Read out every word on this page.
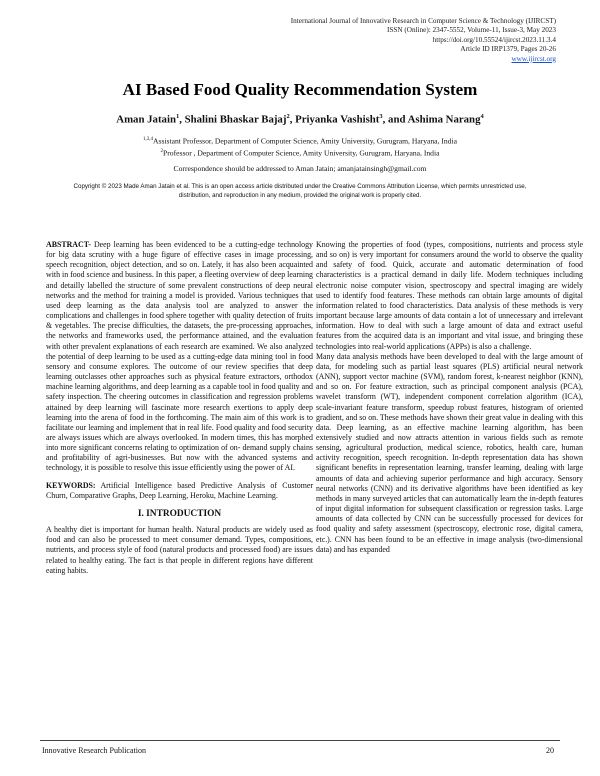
International Journal of Innovative Research in Computer Science & Technology (IJIRCST)
ISSN (Online): 2347-5552, Volume-11, Issue-3, May 2023
https://doi.org/10.55524/ijircst.2023.11.3.4
Article ID IRP1379, Pages 20-26
www.ijircst.org
AI Based Food Quality Recommendation System
Aman Jatain$^1$, Shalini Bhaskar Bajaj$^2$, Priyanka Vashisht$^3$, and Ashima Narang$^4$
$^{1,3,4}$Assistant Professor, Department of Computer Science, Amity University, Gurugram, Haryana, India
$^2$Professor , Department of Computer Science, Amity University, Gurugram, Haryana, India
Correspondence should be addressed to Aman Jatain; amanjatainsingh@gmail.com
Copyright © 2023 Made Aman Jatain et al. This is an open access article distributed under the Creative Commons Attribution License, which permits unrestricted use, distribution, and reproduction in any medium, provided the original work is properly cited.

ABSTRACT- Deep learning has been evidenced to be a cutting-edge technology for big data scrutiny with a huge figure of effective cases in image processing, speech recognition, object detection, and so on. Lately, it has also been acquainted with in food science and business. In this paper, a fleeting overview of deep learning and detailly labelled the structure of some prevalent constructions of deep neural networks and the method for training a model is provided. Various techniques that used deep learning as the data analysis tool are analyzed to answer the complications and challenges in food sphere together with quality detection of fruits & vegetables. The precise difficulties, the datasets, the pre-processing approaches, the networks and frameworks used, the performance attained, and the evaluation with other prevalent explanations of each research are examined. We also analyzed the potential of deep learning to be used as a cutting-edge data mining tool in food sensory and consume explores. The outcome of our review specifies that deep learning outclasses other approaches such as physical feature extractors, orthodox machine learning algorithms, and deep learning as a capable tool in food quality and safety inspection. The cheering outcomes in classification and regression problems attained by deep learning will fascinate more research exertions to apply deep learning into the arena of food in the forthcoming. The main aim of this work is to facilitate our learning and implement that in real life. Food quality and food security are always issues which are always overlooked. In modern times, this has morphed into more significant concerns relating to optimization of on- demand supply chains and profitability of agri-businesses. But now with the advanced systems and technology, it is possible to resolve this issue efficiently using the power of AI.

KEYWORDS: Artificial Intelligence based Predictive Analysis of Customer Churn, Comparative Graphs, Deep Learning, Heroku, Machine Learning.

I. INTRODUCTION

A healthy diet is important for human health. Natural products are widely used as food and can also be processed to meet consumer demand. Types, compositions, nutrients, and process style of food (natural products and processed food) are issues related to healthy eating. The fact is that people in different regions have different eating habits.

Knowing the properties of food (types, compositions, nutrients and process style and so on) is very important for consumers around the world to observe the quality and safety of food. Quick, accurate and automatic determination of food characteristics is a practical demand in daily life. Modern techniques including electronic noise computer vision, spectroscopy and spectral imaging are widely used to identify food features. These methods can obtain large amounts of digital information related to food characteristics. Data analysis of these methods is very important because large amounts of data contain a lot of unnecessary and irrelevant information. How to deal with such a large amount of data and extract useful features from the acquired data is an important and vital issue, and bringing these technologies into real-world applications (APPs) is also a challenge.

Many data analysis methods have been developed to deal with the large amount of data, for modeling such as partial least squares (PLS) artificial neural network (ANN), support vector machine (SVM), random forest, k-nearest neighbor (KNN), and so on. For feature extraction, such as principal component analysis (PCA), wavelet transform (WT), independent component correlation algorithm (ICA), scale-invariant feature transform, speedup robust features, histogram of oriented gradient, and so on. These methods have shown their great value in dealing with this data. Deep learning, as an effective machine learning algorithm, has been extensively studied and now attracts attention in various fields such as remote sensing, agricultural production, medical science, robotics, health care, human activity recognition, speech recognition. In-depth representation data has shown significant benefits in representation learning, transfer learning, dealing with large amounts of data and achieving superior performance and high accuracy. Sensory neural networks (CNN) and its derivative algorithms have been identified as key methods in many surveyed articles that can automatically learn the in-depth features of input digital information for subsequent classification or regression tasks. Large amounts of data collected by CNN can be successfully processed for devices for food quality and safety assessment (spectroscopy, electronic rose, digital camera, etc.). CNN has been found to be an effective in image analysis (two-dimensional data) and has expanded

Innovative Research Publication	20
